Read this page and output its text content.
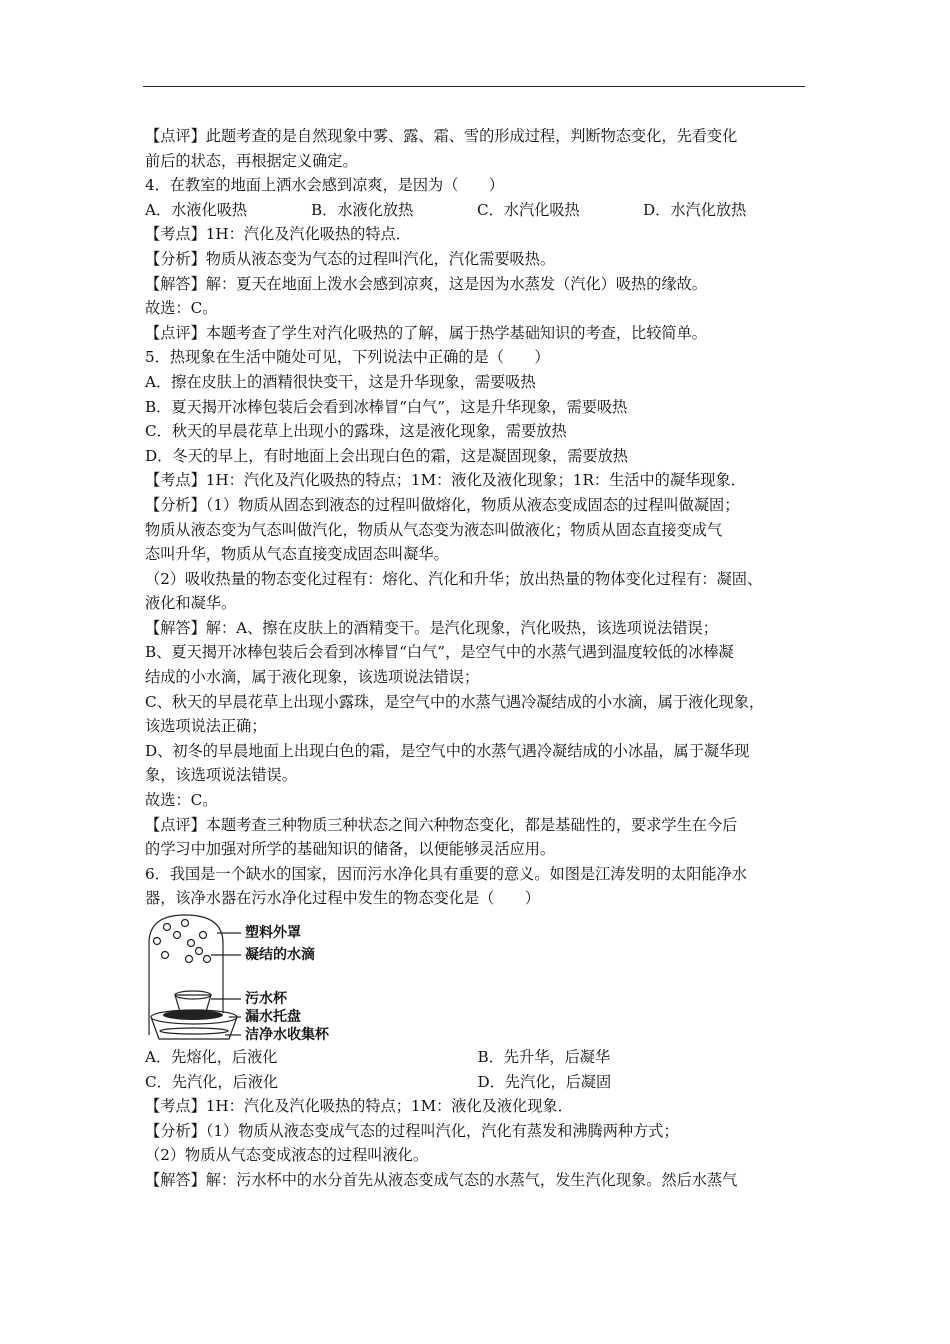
【点评】此题考查的是自然现象中雾、露、霜、雪的形成过程，判断物态变化，先看变化
前后的状态，再根据定义确定。
4．在教室的地面上洒水会感到凉爽，是因为（　　）
A．水液化吸热	B．水液化放热	C．水汽化吸热	D．水汽化放热
【考点】1H：汽化及汽化吸热的特点．
【分析】物质从液态变为气态的过程叫汽化，汽化需要吸热。
【解答】解：夏天在地面上泼水会感到凉爽，这是因为水蒸发（汽化）吸热的缘故。
故选：C。
【点评】本题考查了学生对汽化吸热的了解，属于热学基础知识的考查，比较简单。
5．热现象在生活中随处可见，下列说法中正确的是（　　）
A．擦在皮肤上的酒精很快变干，这是升华现象，需要吸热
B．夏天揭开冰棒包装后会看到冰棒冒“白气”，这是升华现象，需要吸热
C．秋天的早晨花草上出现小的露珠，这是液化现象，需要放热
D．冬天的早上，有时地面上会出现白色的霜，这是凝固现象，需要放热
【考点】1H：汽化及汽化吸热的特点；1M：液化及液化现象；1R：生活中的凝华现象．
【分析】（1）物质从固态到液态的过程叫做熔化，物质从液态变成固态的过程叫做凝固；
物质从液态变为气态叫做汽化，物质从气态变为液态叫做液化；物质从固态直接变成气
态叫升华，物质从气态直接变成固态叫凝华。
（2）吸收热量的物态变化过程有：熔化、汽化和升华；放出热量的物体变化过程有：凝固、
液化和凝华。
【解答】解：A、擦在皮肤上的酒精变干。是汽化现象，汽化吸热，该选项说法错误；
B、夏天揭开冰棒包装后会看到冰棒冒“白气”，是空气中的水蒸气遇到温度较低的冰棒凝
结成的小水滴，属于液化现象，该选项说法错误；
C、秋天的早晨花草上出现小露珠，是空气中的水蒸气遇冷凝结成的小水滴，属于液化现象，
该选项说法正确；
D、初冬的早晨地面上出现白色的霜，是空气中的水蒸气遇冷凝结成的小冰晶，属于凝华现
象，该选项说法错误。
故选：C。
【点评】本题考查三种物质三种状态之间六种物态变化，都是基础性的，要求学生在今后
的学习中加强对所学的基础知识的储备，以便能够灵活应用。
6．我国是一个缺水的国家，因而污水净化具有重要的意义。如图是江涛发明的太阳能净水
器，该净水器在污水净化过程中发生的物态变化是（　　）
塑料外罩
凝结的水滴
污水杯
漏水托盘
洁净水收集杯
A．先熔化，后液化	B．先升华，后凝华
C．先汽化，后液化	D．先汽化，后凝固
【考点】1H：汽化及汽化吸热的特点；1M：液化及液化现象．
【分析】（1）物质从液态变成气态的过程叫汽化，汽化有蒸发和沸腾两种方式；
（2）物质从气态变成液态的过程叫液化。
【解答】解：污水杯中的水分首先从液态变成气态的水蒸气，发生汽化现象。然后水蒸气
